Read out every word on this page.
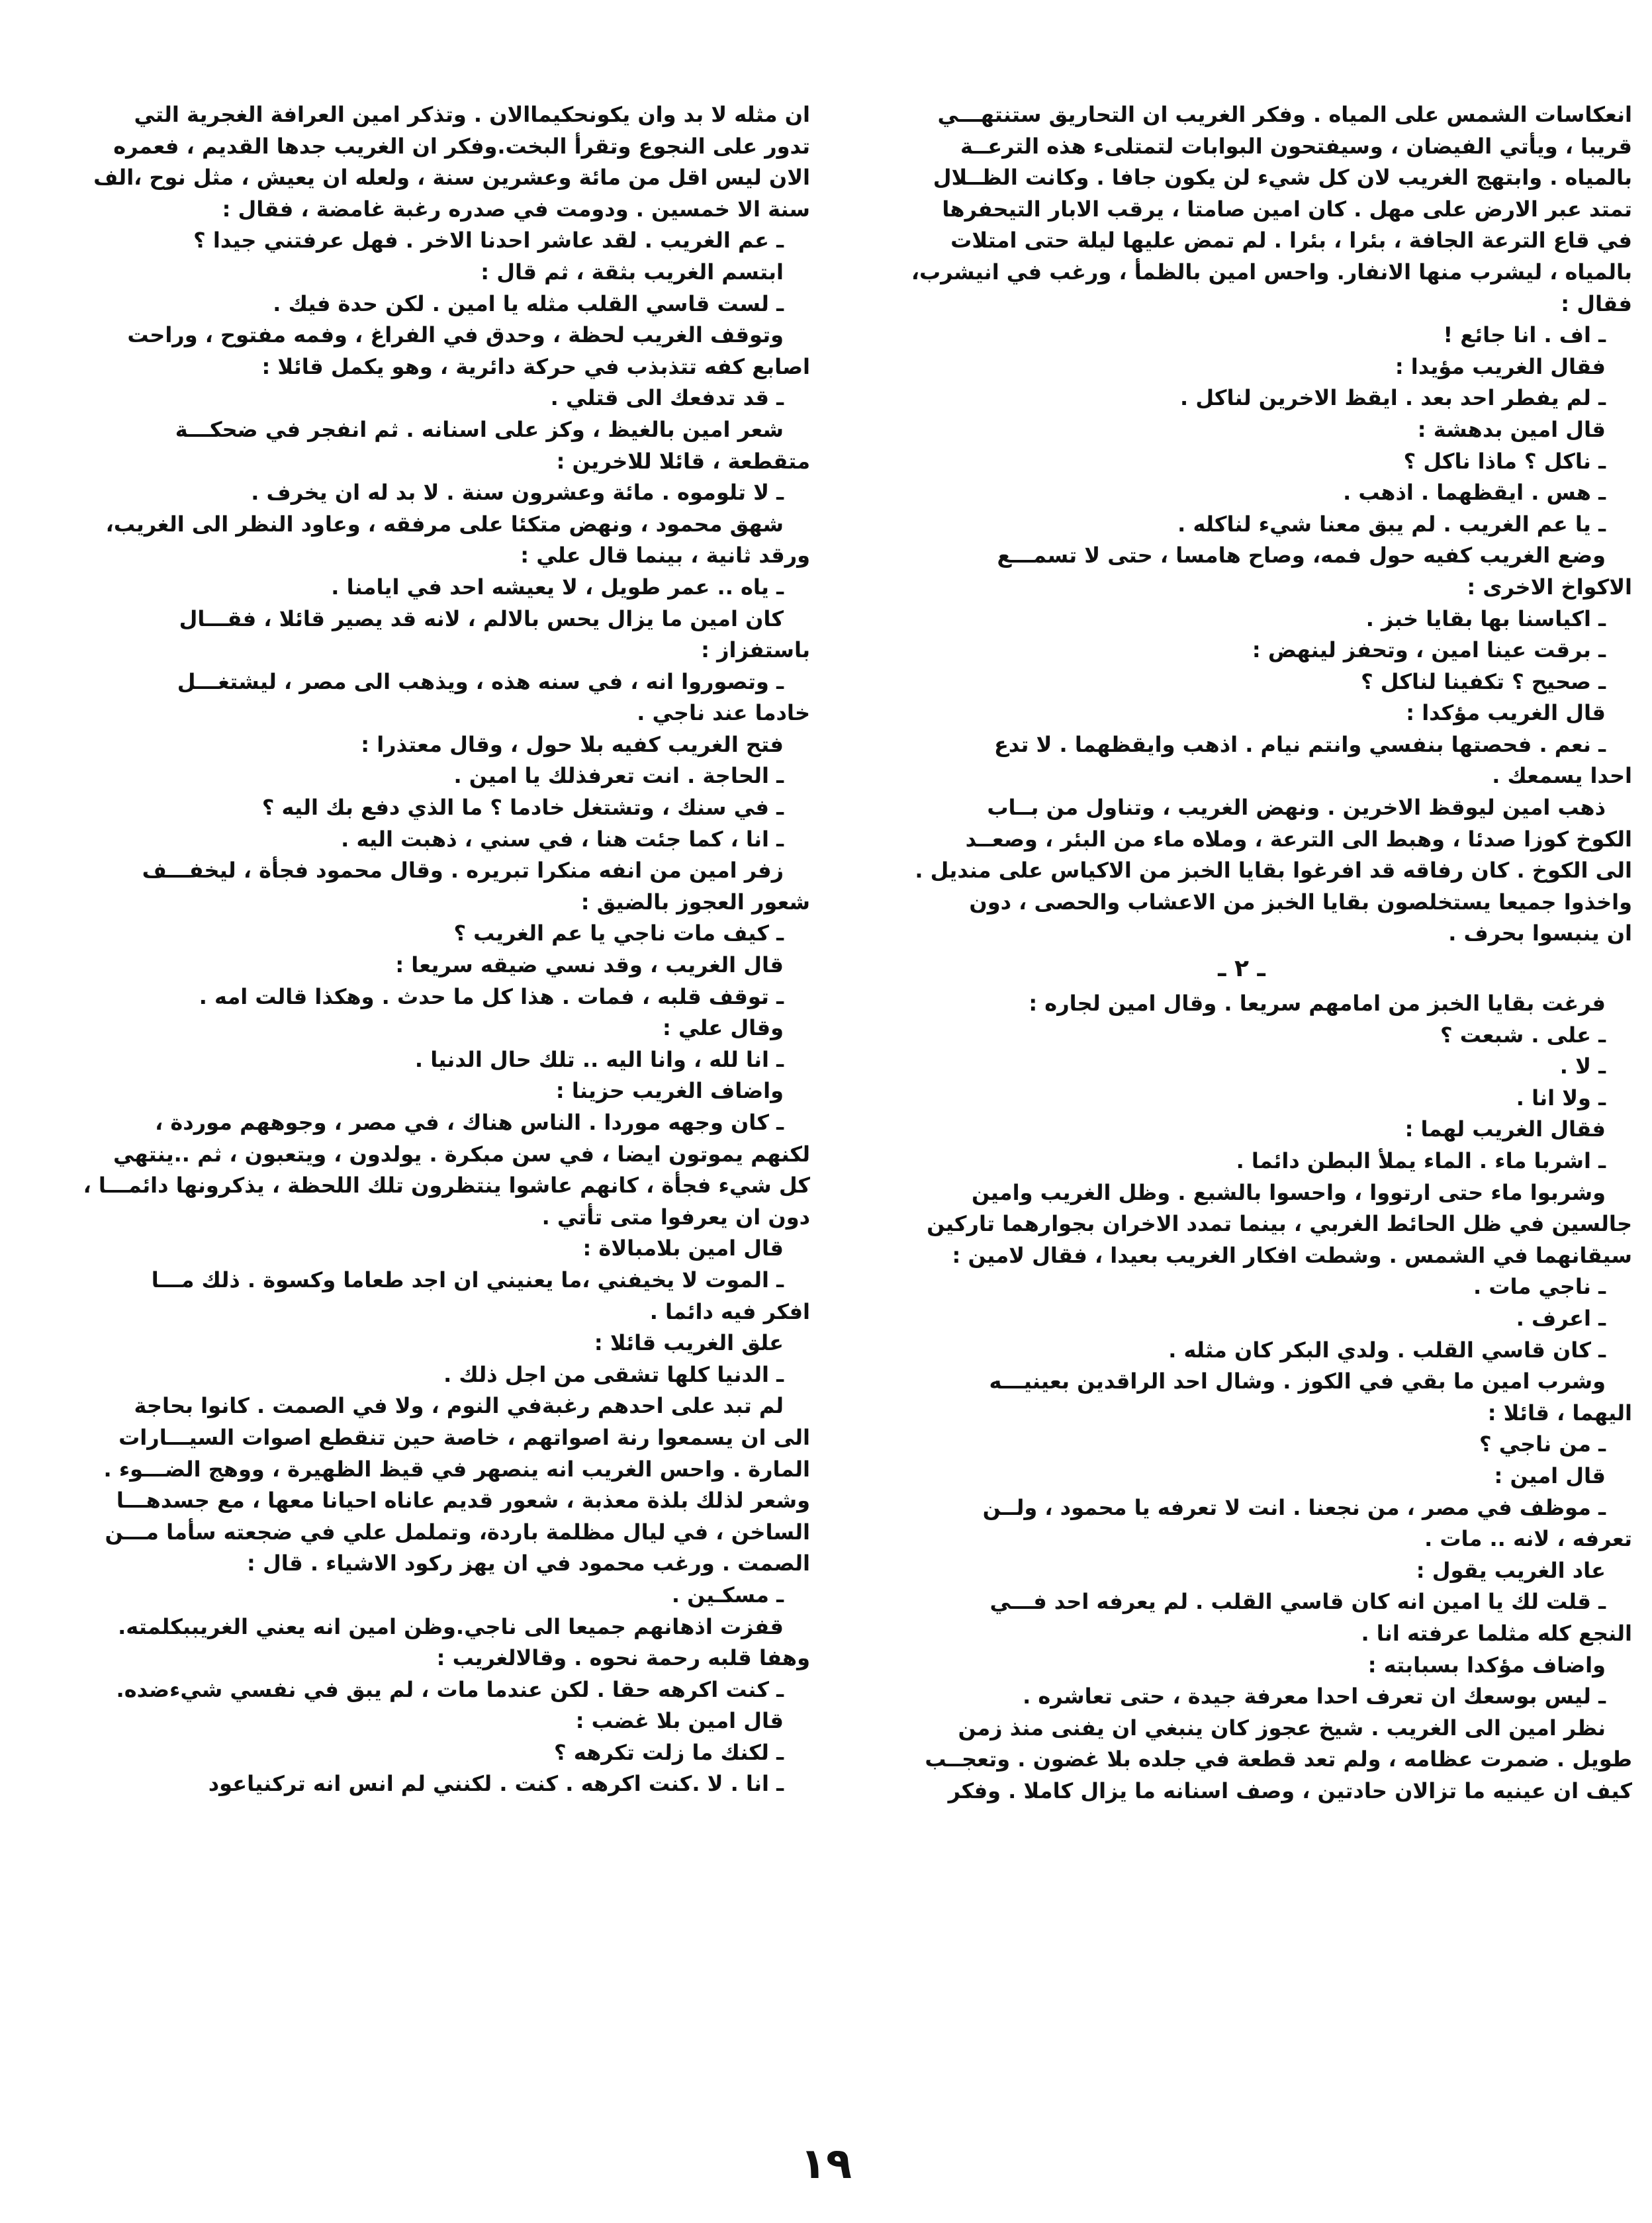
انعكاسات الشمس على المياه . وفكر الغريب ان التحاريق ستنتهـــي

قريبا ، ويأتي الفيضان ، وسيفتحون البوابات لتمتلىء هذه الترعــة

بالمياه . وابتهج الغريب لان كل شيء لن يكون جافا . وكانت الظــلال

تمتد عبر الارض على مهل . كان امين صامتا ، يرقب الابار التيحفرها

في قاع الترعة الجافة ، بئرا ، بئرا . لم تمض عليها ليلة حتى امتلات

بالمياه ، ليشرب منها الانفار. واحس امين بالظمأ ، ورغب في انيشرب،

فقال :

ـ اف . انا جائع !

فقال الغريب مؤيدا :

ـ لم يفطر احد بعد . ايقظ الاخرين لناكل .

قال امين بدهشة :

ـ ناكل ؟ ماذا ناكل ؟

ـ هس . ايقظهما . اذهب .

ـ يا عم الغريب . لم يبق معنا شيء لناكله .

وضع الغريب كفيه حول فمه، وصاح هامسا ، حتى لا تسمـــع

الاكواخ الاخرى :

ـ اكياسنا بها بقايا خبز .

ـ برقت عينا امين ، وتحفز لينهض :

ـ صحيح ؟ تكفينا لناكل ؟

قال الغريب مؤكدا :

ـ نعم . فحصتها بنفسي وانتم نيام . اذهب وايقظهما . لا تدع

احدا يسمعك .

ذهب امين ليوقظ الاخرين . ونهض الغريب ، وتناول من بــاب

الكوخ كوزا صدئا ، وهبط الى الترعة ، وملاه ماء من البئر ، وصعــد

الى الكوخ . كان رفاقه قد افرغوا بقايا الخبز من الاكياس على منديل .

واخذوا جميعا يستخلصون بقايا الخبز من الاعشاب والحصى ، دون

ان ينبسوا بحرف .

ـ ٢ ـ

فرغت بقايا الخبز من امامهم سريعا . وقال امين لجاره :

ـ على . شبعت ؟

ـ لا .

ـ ولا انا .

فقال الغريب لهما :

ـ اشربا ماء . الماء يملأ البطن دائما .

وشربوا ماء حتى ارتووا ، واحسوا بالشبع . وظل الغريب وامين

جالسين في ظل الحائط الغربي ، بينما تمدد الاخران بجوارهما تاركين

سيقانهما في الشمس . وشطت افكار الغريب بعيدا ، فقال لامين :

ـ ناجي مات .

ـ اعرف .

ـ كان قاسي القلب . ولدي البكر كان مثله .

وشرب امين ما بقي في الكوز . وشال احد الراقدين بعينيـــه

اليهما ، قائلا :

ـ من ناجي ؟

قال امين :

ـ موظف في مصر ، من نجعنا . انت لا تعرفه يا محمود ، ولــن

تعرفه ، لانه .. مات .

عاد الغريب يقول :

ـ قلت لك يا امين انه كان قاسي القلب . لم يعرفه احد فـــي

النجع كله مثلما عرفته انا .

واضاف مؤكدا بسبابته :

ـ ليس بوسعك ان تعرف احدا معرفة جيدة ، حتى تعاشره .

نظر امين الى الغريب . شيخ عجوز كان ينبغي ان يفنى منذ زمن

طويل . ضمرت عظامه ، ولم تعد قطعة في جلده بلا غضون . وتعجــب

كيف ان عينيه ما تزالان حادتين ، وصف اسنانه ما يزال كاملا . وفكر

ان مثله لا بد وان يكونحكيماالان . وتذكر امين العرافة الغجرية التي

تدور على النجوع وتقرأ البخت.وفكر ان الغريب جدها القديم ، فعمره

الان ليس اقل من مائة وعشرين سنة ، ولعله ان يعيش ، مثل نوح ،الف

سنة الا خمسين . ودومت في صدره رغبة غامضة ، فقال :

ـ عم الغريب . لقد عاشر احدنا الاخر . فهل عرفتني جيدا ؟

ابتسم الغريب بثقة ، ثم قال :

ـ لست قاسي القلب مثله يا امين . لكن حدة فيك .

وتوقف الغريب لحظة ، وحدق في الفراغ ، وفمه مفتوح ، وراحت

اصابع كفه تتذبذب في حركة دائرية ، وهو يكمل قائلا :

ـ قد تدفعك الى قتلي .

شعر امين بالغيظ ، وكز على اسنانه . ثم انفجر في ضحكـــة

متقطعة ، قائلا للاخرين :

ـ لا تلوموه . مائة وعشرون سنة . لا بد له ان يخرف .

شهق محمود ، ونهض متكئا على مرفقه ، وعاود النظر الى الغريب،

ورقد ثانية ، بينما قال علي :

ـ ياه .. عمر طويل ، لا يعيشه احد في ايامنا .

كان امين ما يزال يحس بالالم ، لانه قد يصير قائلا ، فقـــال

باستفزاز :

ـ وتصوروا انه ، في سنه هذه ، ويذهب الى مصر ، ليشتغـــل

خادما عند ناجي .

فتح الغريب كفيه بلا حول ، وقال معتذرا :

ـ الحاجة . انت تعرفذلك يا امين .

ـ في سنك ، وتشتغل خادما ؟ ما الذي دفع بك اليه ؟

ـ انا ، كما جئت هنا ، في سني ، ذهبت اليه .

زفر امين من انفه منكرا تبريره . وقال محمود فجأة ، ليخفـــف

شعور العجوز بالضيق :

ـ كيف مات ناجي يا عم الغريب ؟

قال الغريب ، وقد نسي ضيقه سريعا :

ـ توقف قلبه ، فمات . هذا كل ما حدث . وهكذا قالت امه .

وقال علي :

ـ انا لله ، وانا اليه .. تلك حال الدنيا .

واضاف الغريب حزينا :

ـ كان وجهه موردا . الناس هناك ، في مصر ، وجوههم موردة ،

لكنهم يموتون ايضا ، في سن مبكرة . يولدون ، ويتعبون ، ثم ..ينتهي

كل شيء فجأة ، كانهم عاشوا ينتظرون تلك اللحظة ، يذكرونها دائمـــا ،

دون ان يعرفوا متى تأتي .

قال امين بلامبالاة :

ـ الموت لا يخيفني ،ما يعنيني ان اجد طعاما وكسوة . ذلك مـــا

افكر فيه دائما .

علق الغريب قائلا :

ـ الدنيا كلها تشقى من اجل ذلك .

لم تبد على احدهم رغبةفي النوم ، ولا في الصمت . كانوا بحاجة

الى ان يسمعوا رنة اصواتهم ، خاصة حين تنقطع اصوات السيـــارات

المارة . واحس الغريب انه ينصهر في قيظ الظهيرة ، ووهج الضـــوء .

وشعر لذلك بلذة معذبة ، شعور قديم عاناه احيانا معها ، مع جسدهـــا

الساخن ، في ليال مظلمة باردة، وتململ علي في ضجعته سأما مـــن

الصمت . ورغب محمود في ان يهز ركود الاشياء . قال :

ـ مسكـين .

قفزت اذهانهم جميعا الى ناجي.وظن امين انه يعني الغريببكلمته.

وهفا قلبه رحمة نحوه . وقالالغريب :

ـ كنت اكرهه حقا . لكن عندما مات ، لم يبق في نفسي شيءضده.

قال امين بلا غضب :

ـ لكنك ما زلت تكرهه ؟

ـ انا . لا .كنت اكرهه . كنت . لكنني لم انس انه تركنياعود

١٩
